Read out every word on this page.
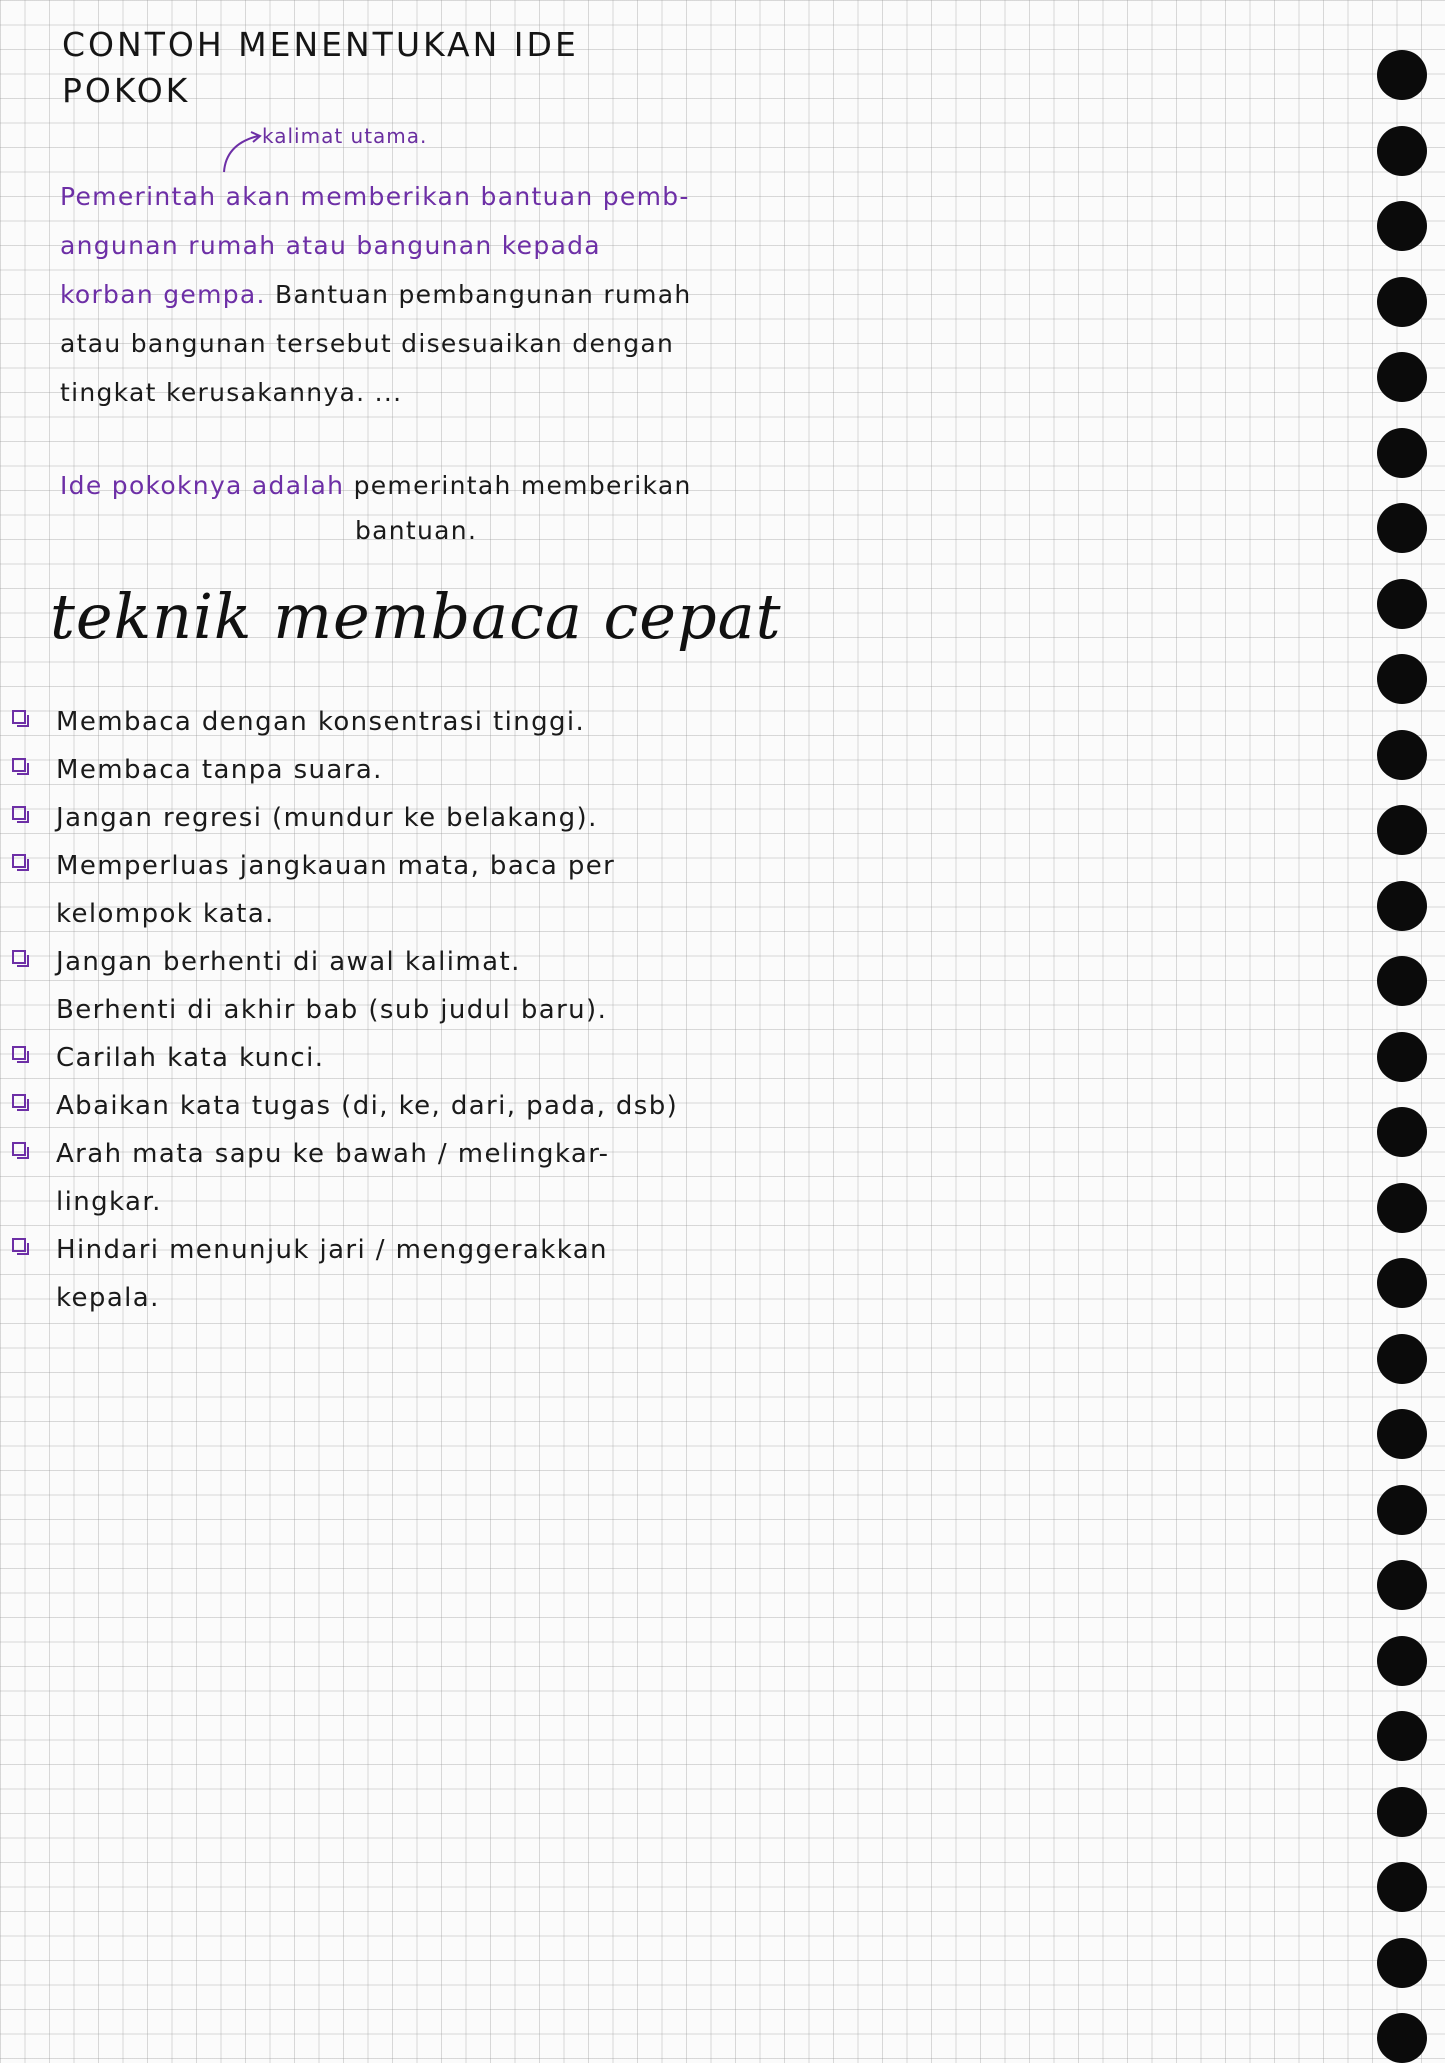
CONTOH MENENTUKAN IDE
POKOK
kalimat utama.
Pemerintah akan memberikan bantuan pemb-
angunan rumah atau bangunan kepada
korban gempa. Bantuan pembangunan rumah
atau bangunan tersebut disesuaikan dengan
tingkat kerusakannya. ...
Ide pokoknya adalah pemerintah memberikan
bantuan.
teknik membaca cepat
Membaca dengan konsentrasi tinggi.
Membaca tanpa suara.
Jangan regresi (mundur ke belakang).
Memperluas jangkauan mata, baca per
kelompok kata.
Jangan berhenti di awal kalimat.
Berhenti di akhir bab (sub judul baru).
Carilah kata kunci.
Abaikan kata tugas (di, ke, dari, pada, dsb)
Arah mata sapu ke bawah / melingkar- lingkar.
Hindari menunjuk jari / menggerakkan kepala.
